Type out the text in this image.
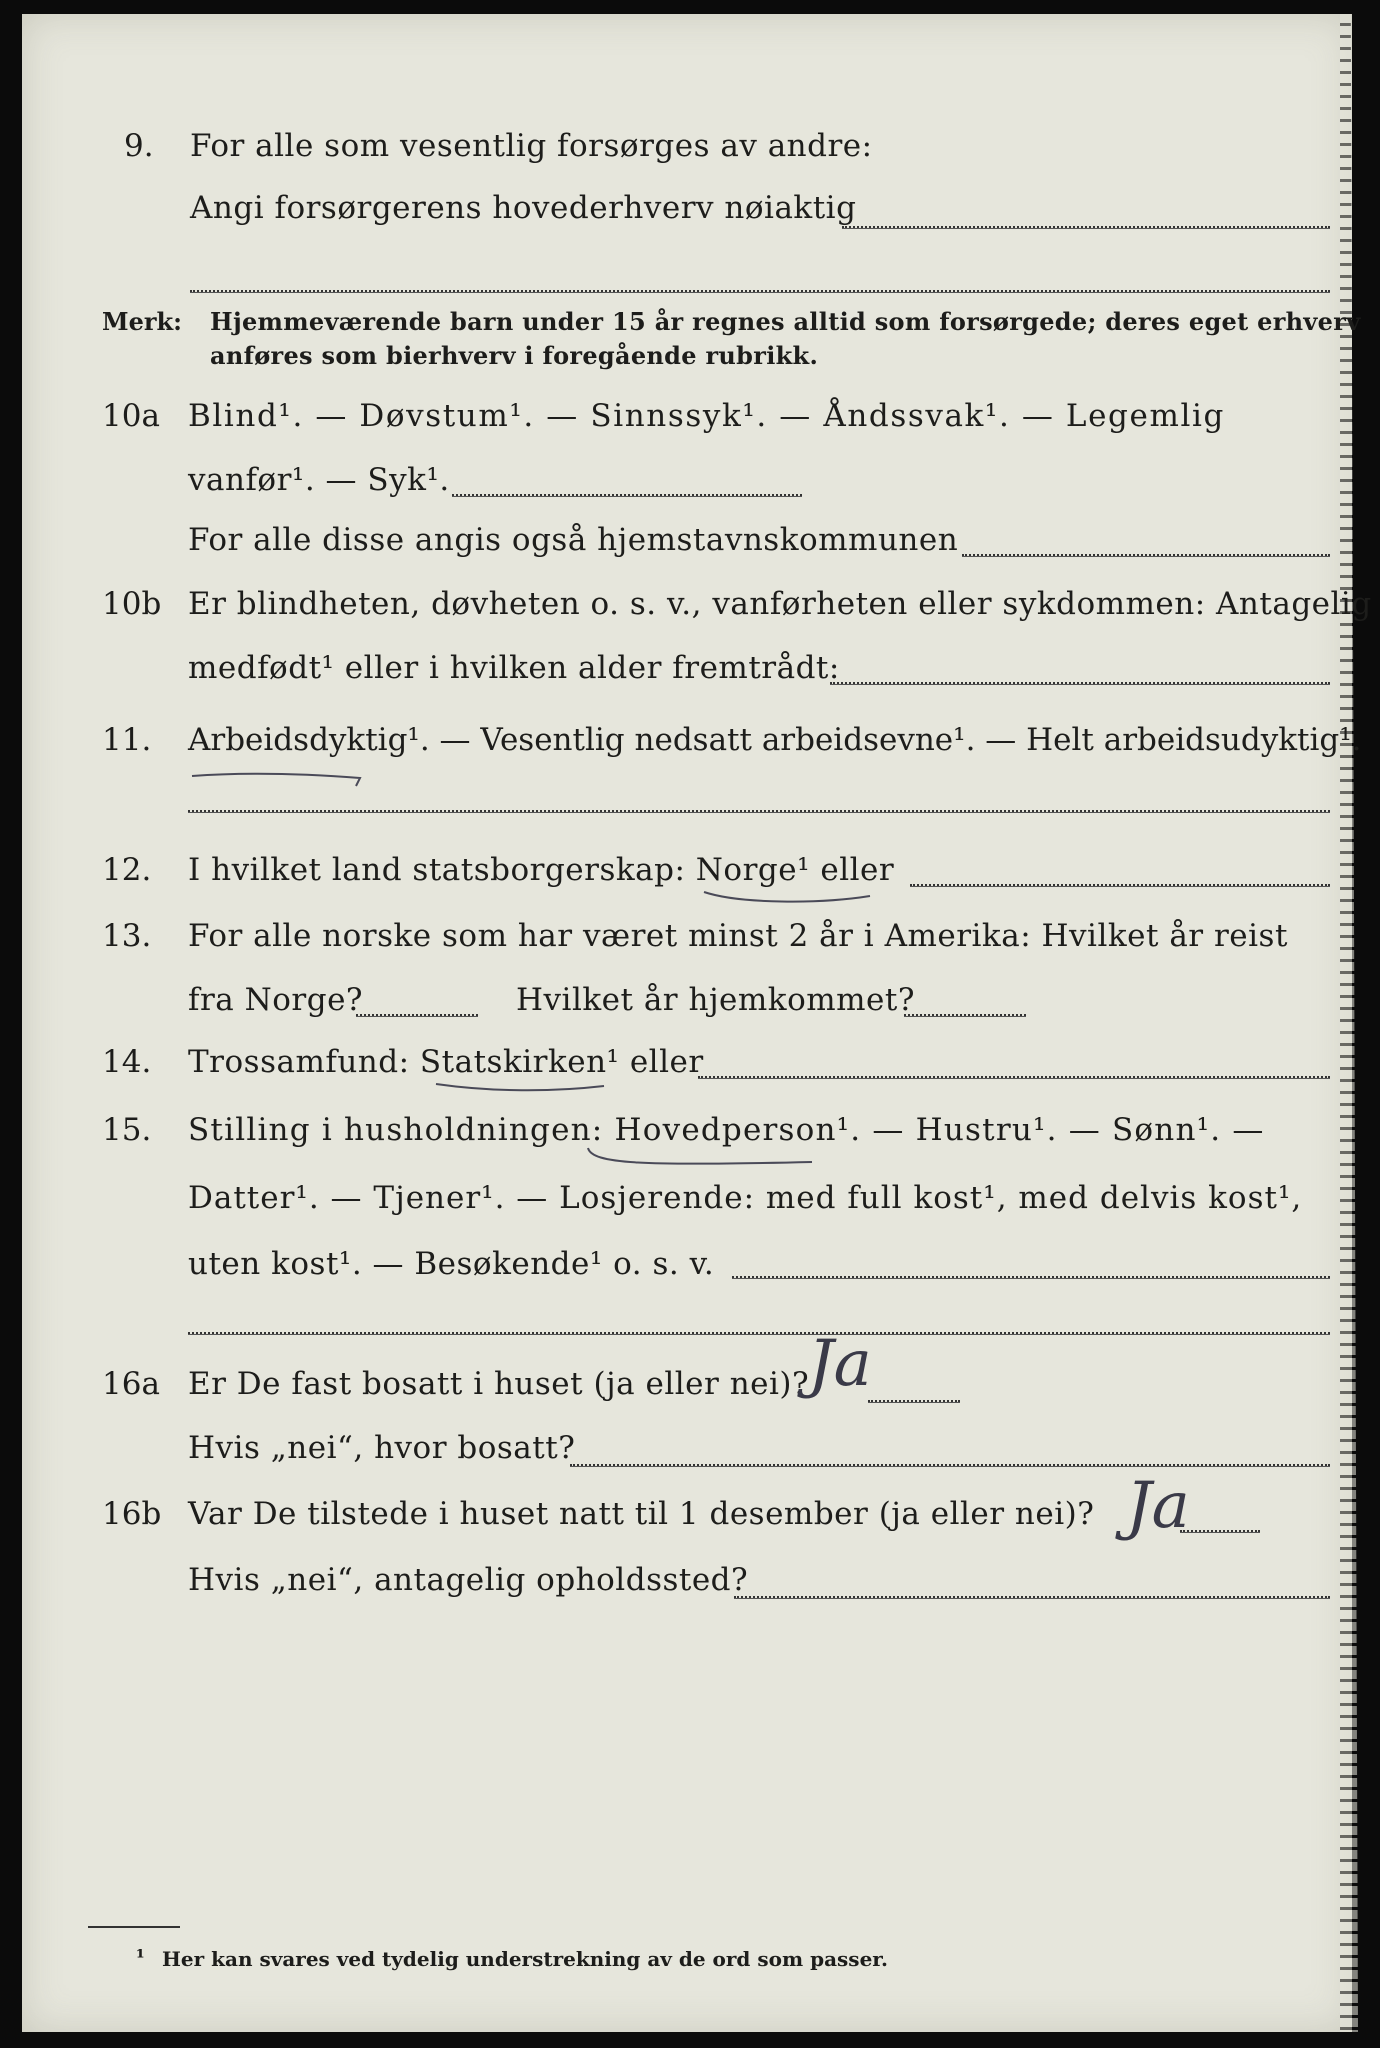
9. For alle som vesentlig forsørges av andre:
Angi forsørgerens hovederhverv nøiaktig
Merk: Hjemmeværende barn under 15 år regnes alltid som forsørgede; deres eget erhverv
anføres som bierhverv i foregående rubrikk.
10a Blind¹. — Døvstum¹. — Sinnssyk¹. — Åndssvak¹. — Legemlig
vanfør¹. — Syk¹.
For alle disse angis også hjemstavnskommunen
10b Er blindheten, døvheten o. s. v., vanførheten eller sykdommen: Antagelig
medfødt¹ eller i hvilken alder fremtrådt:
11. Arbeidsdyktig¹. — Vesentlig nedsatt arbeidsevne¹. — Helt arbeidsudyktig¹.
12. I hvilket land statsborgerskap: Norge¹ eller
13. For alle norske som har været minst 2 år i Amerika: Hvilket år reist
fra Norge?	Hvilket år hjemkommet?
14. Trossamfund: Statskirken¹ eller
15. Stilling i husholdningen: Hovedperson¹. — Hustru¹. — Sønn¹. —
Datter¹. — Tjener¹. — Losjerende: med full kost¹, med delvis kost¹,
uten kost¹. — Besøkende¹ o. s. v.
16a Er De fast bosatt i huset (ja eller nei)?
Ja
Hvis „nei“, hvor bosatt?
16b Var De tilstede i huset natt til 1 desember (ja eller nei)? Ja
Hvis „nei“, antagelig opholdssted?
¹ Her kan svares ved tydelig understrekning av de ord som passer.
